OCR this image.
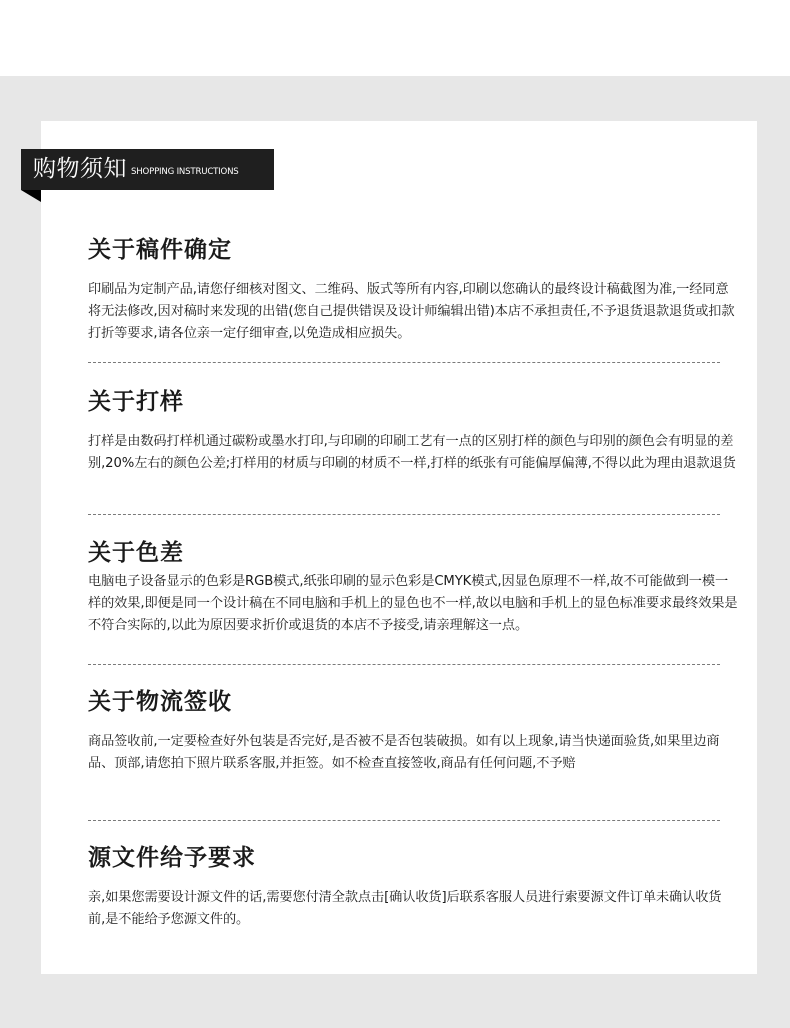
购物须知 SHOPPING INSTRUCTIONS
关于稿件确定

印刷品为定制产品,请您仔细核对图文、二维码、版式等所有内容,印刷以您确认的最终设计稿截图为准,一经同意将无法修改,因对稿时来发现的出错(您自己提供错误及设计师编辑出错)本店不承担责任,不予退货退款退货或扣款打折等要求,请各位亲一定仔细审查,以免造成相应损失。

关于打样

打样是由数码打样机通过碳粉或墨水打印,与印刷的印刷工艺有一点的区别打样的颜色与印别的颜色会有明显的差别,20%左右的颜色公差;打样用的材质与印刷的材质不一样,打样的纸张有可能偏厚偏薄,不得以此为理由退款退货

关于色差

电脑电子设备显示的色彩是RGB模式,纸张印刷的显示色彩是CMYK模式,因显色原理不一样,故不可能做到一模一样的效果,即便是同一个设计稿在不同电脑和手机上的显色也不一样,故以电脑和手机上的显色标准要求最终效果是不符合实际的,以此为原因要求折价或退货的本店不予接受,请亲理解这一点。

关于物流签收

商品签收前,一定要检查好外包装是否完好,是否被不是否包装破损。如有以上现象,请当快递面验货,如果里边商品、顶部,请您拍下照片联系客服,并拒签。如不检查直接签收,商品有任何问题,不予赔

源文件给予要求

亲,如果您需要设计源文件的话,需要您付清全款点击[确认收货]后联系客服人员进行索要源文件订单未确认收货前,是不能给予您源文件的。
